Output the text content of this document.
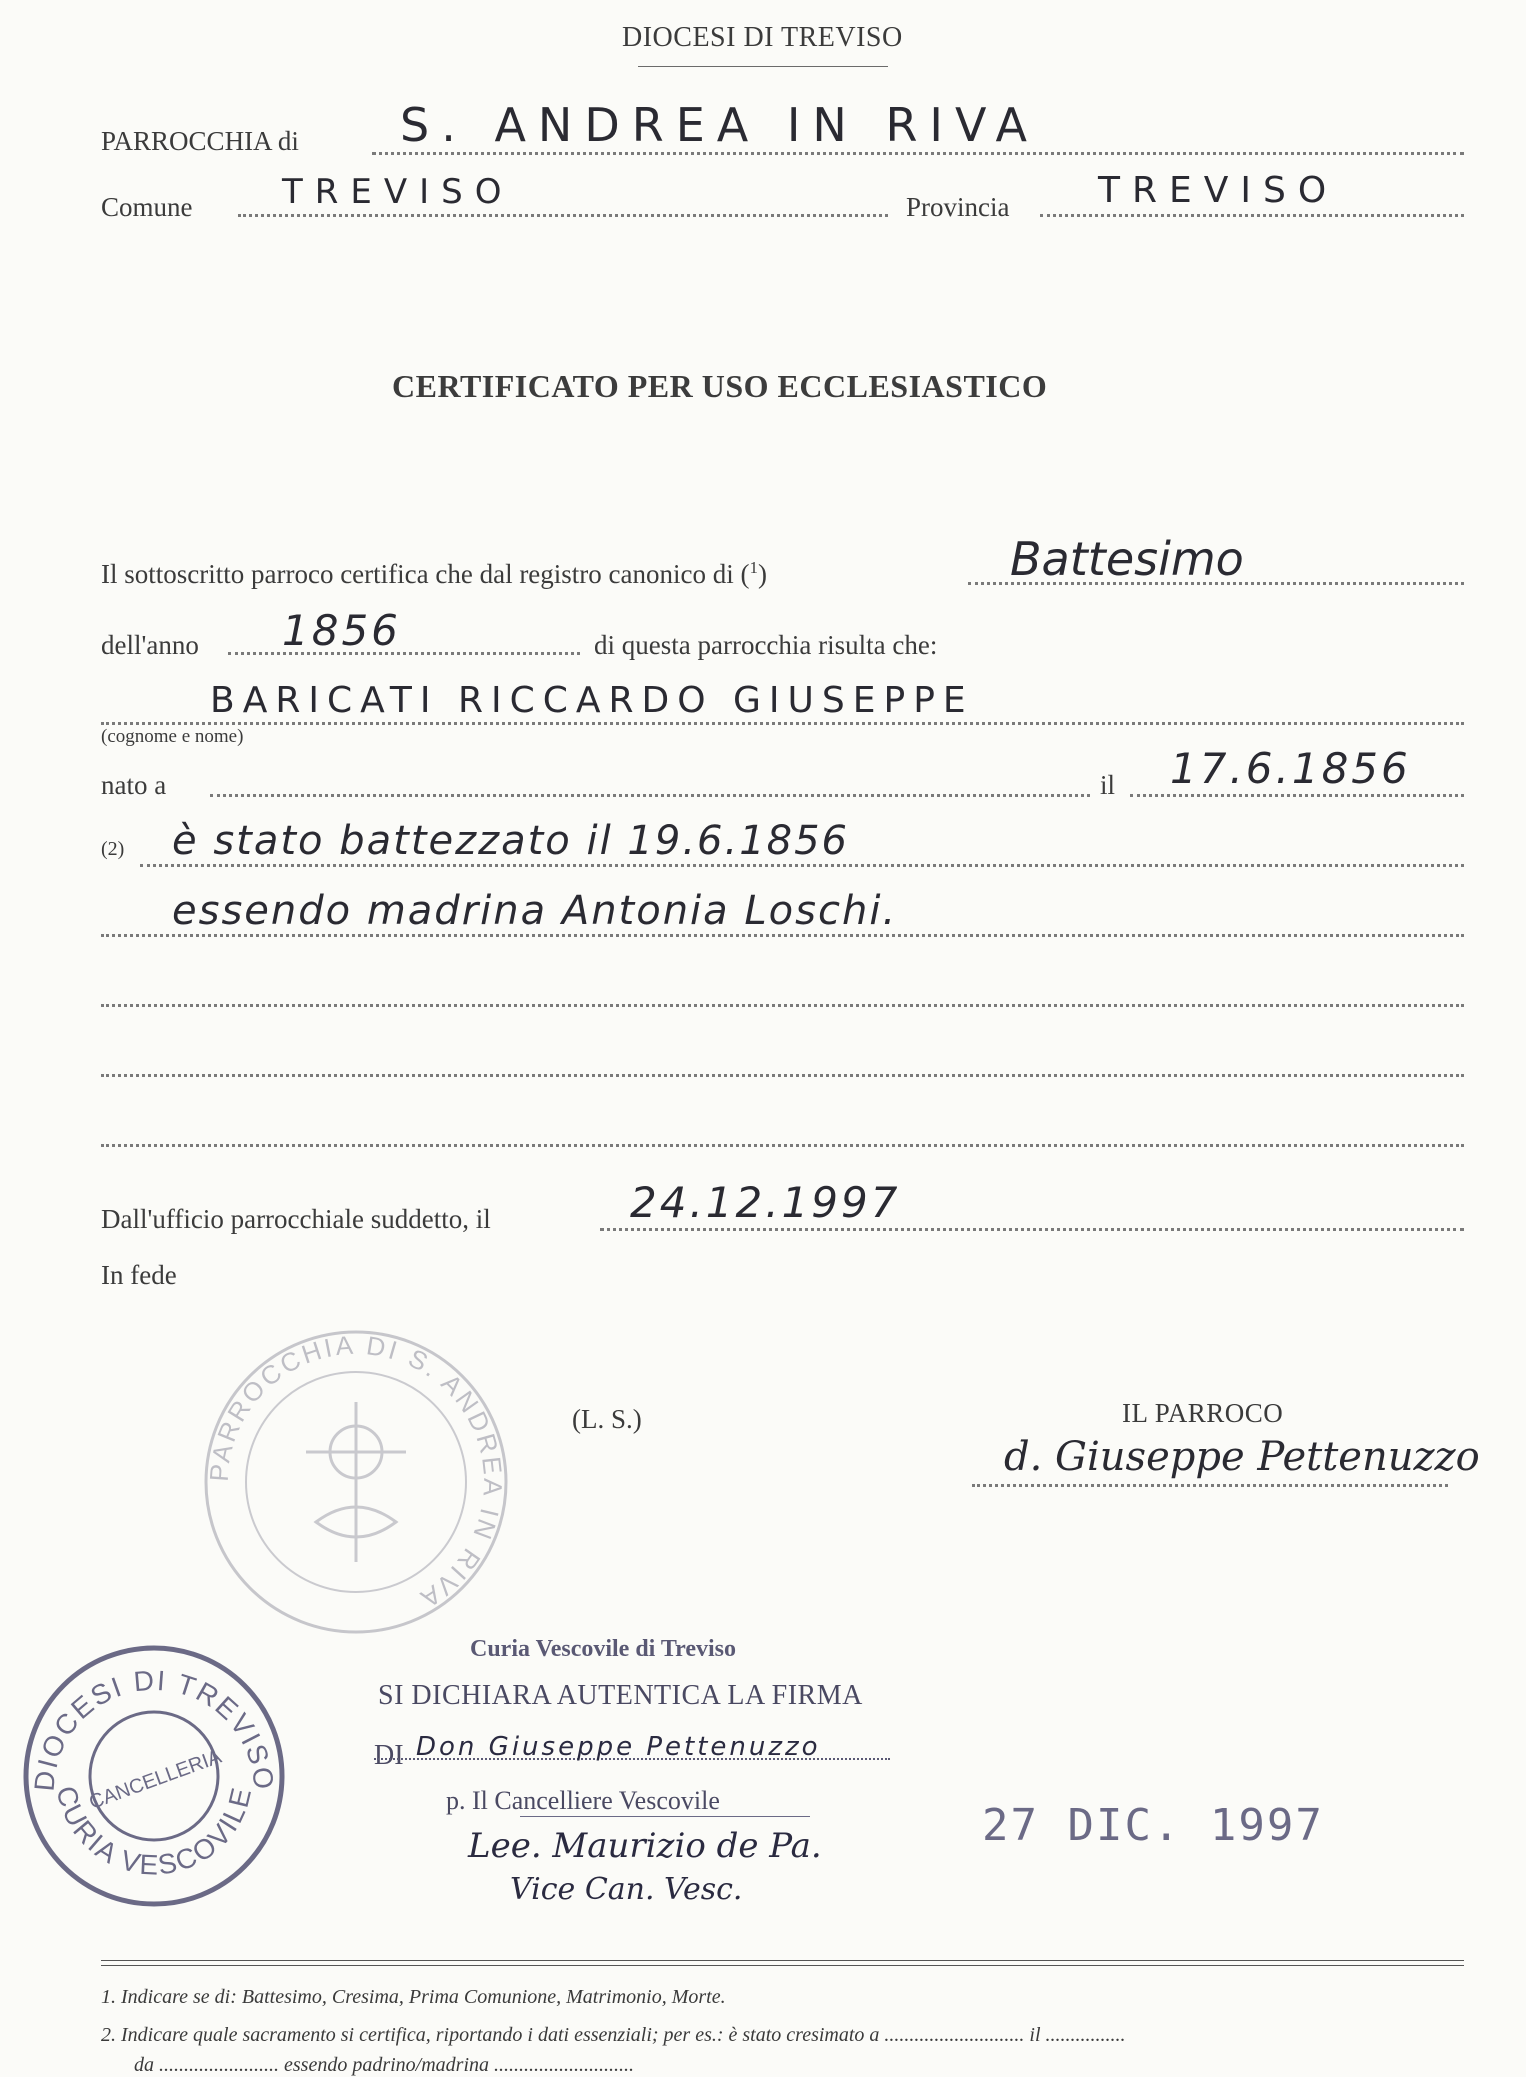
DIOCESI DI TREVISO
PARROCCHIA di S. ANDREA IN RIVA
Comune	TREVISO	Provincia TREVISO
CERTIFICATO PER USO ECCLESIASTICO
Il sottoscritto parroco certifica che dal registro canonico di ($^1$)	Battesimo
dell'anno 1856	di questa parrocchia risulta che:
BARICATI RICCARDO GIUSEPPE
(cognome e nome)
nato a	il 17.6.1856
(2) è stato battezzato il 19.6.1856
essendo madrina Antonia Loschi.
Dall'ufficio parrocchiale suddetto, il	24.12.1997
In fede
PARROCCHIA DI S. ANDREA IN RIVA
(L. S.)	IL PARROCO
d. Giuseppe Pettenuzzo
Curia Vescovile di Treviso
SI DICHIARA AUTENTICA LA FIRMA
DI Don Giuseppe Pettenuzzo
p. Il Cancelliere Vescovile
Lee. Maurizio de Pa.
Vice Can. Vesc.
27 DIC. 1997
DIOCESI DI TREVISO
CURIA VESCOVILE
CANCELLERIA
1. Indicare se di: Battesimo, Cresima, Prima Comunione, Matrimonio, Morte.
2. Indicare quale sacramento si certifica, riportando i dati essenziali; per es.: è stato cresimato a ............................ il ................
da ........................ essendo padrino/madrina ............................
